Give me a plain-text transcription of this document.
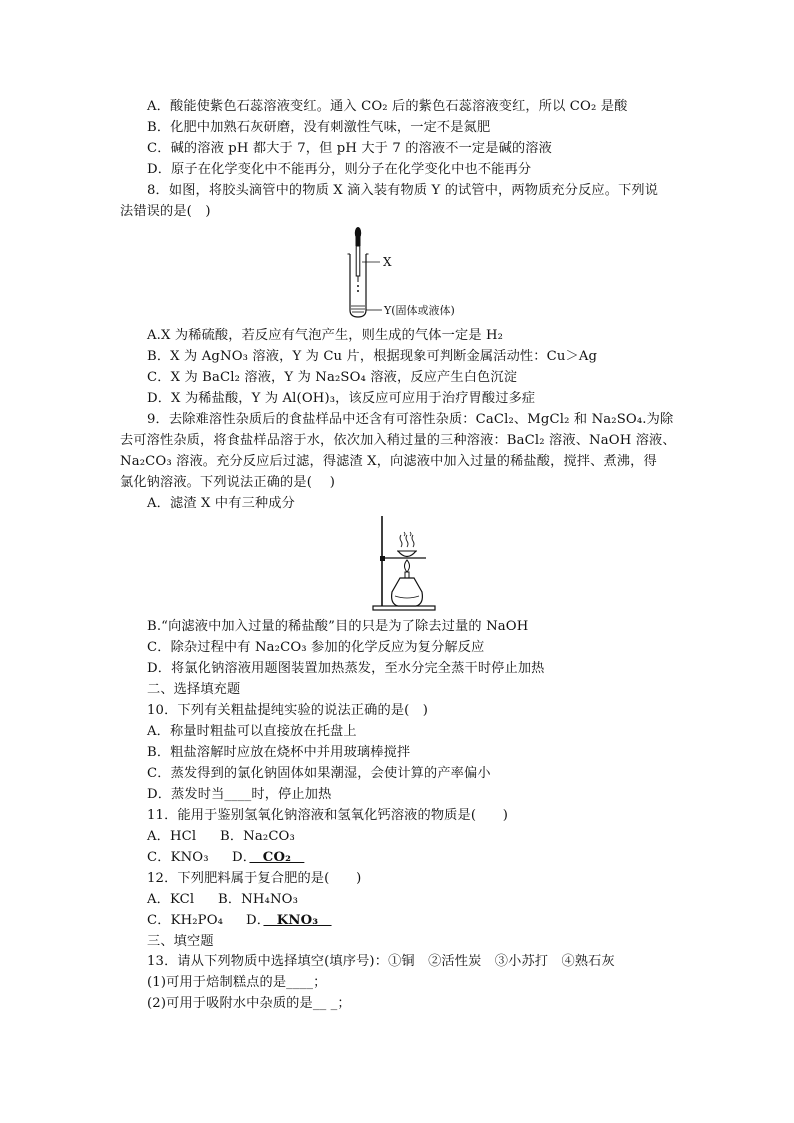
A．酸能使紫色石蕊溶液变红。通入 CO₂ 后的紫色石蕊溶液变红，所以 CO₂ 是酸
B．化肥中加熟石灰研磨，没有刺激性气味，一定不是氮肥
C．碱的溶液 pH 都大于 7，但 pH 大于 7 的溶液不一定是碱的溶液
D．原子在化学变化中不能再分，则分子在化学变化中也不能再分
8．如图，将胶头滴管中的物质 X 滴入装有物质 Y 的试管中，两物质充分反应。下列说
法错误的是(　)
X
Y(固体或液体)
A.X 为稀硫酸，若反应有气泡产生，则生成的气体一定是 H₂
B．X 为 AgNO₃ 溶液，Y 为 Cu 片，根据现象可判断金属活动性：Cu＞Ag
C．X 为 BaCl₂ 溶液，Y 为 Na₂SO₄ 溶液，反应产生白色沉淀
D．X 为稀盐酸，Y 为 Al(OH)₃，该反应可应用于治疗胃酸过多症
9．去除难溶性杂质后的食盐样品中还含有可溶性杂质：CaCl₂、MgCl₂ 和 Na₂SO₄.为除
去可溶性杂质，将食盐样品溶于水，依次加入稍过量的三种溶液：BaCl₂ 溶液、NaOH 溶液、
Na₂CO₃ 溶液。充分反应后过滤，得滤渣 X，向滤液中加入过量的稀盐酸，搅拌、煮沸，得
氯化钠溶液。下列说法正确的是(　 )
A．滤渣 X 中有三种成分
B.“向滤液中加入过量的稀盐酸”目的只是为了除去过量的 NaOH
C．除杂过程中有 Na₂CO₃ 参加的化学反应为复分解反应
D．将氯化钠溶液用题图装置加热蒸发，至水分完全蒸干时停止加热
二、选择填充题
10．下列有关粗盐提纯实验的说法正确的是(　)
A．称量时粗盐可以直接放在托盘上
B．粗盐溶解时应放在烧杯中并用玻璃棒搅拌
C．蒸发得到的氯化钠固体如果潮湿，会使计算的产率偏小
D．蒸发时当____时，停止加热
11．能用于鉴别氢氧化钠溶液和氢氧化钙溶液的物质是(　　)
A．HCl B．Na₂CO₃
C．KNO₃ D．　CO₂　
12．下列肥料属于复合肥的是(　　)
A．KCl B．NH₄NO₃
C．KH₂PO₄ D．　KNO₃　
三、填空题
13．请从下列物质中选择填空(填序号)：①铜　②活性炭　③小苏打　④熟石灰
(1)可用于焙制糕点的是____；
(2)可用于吸附水中杂质的是__ _；
